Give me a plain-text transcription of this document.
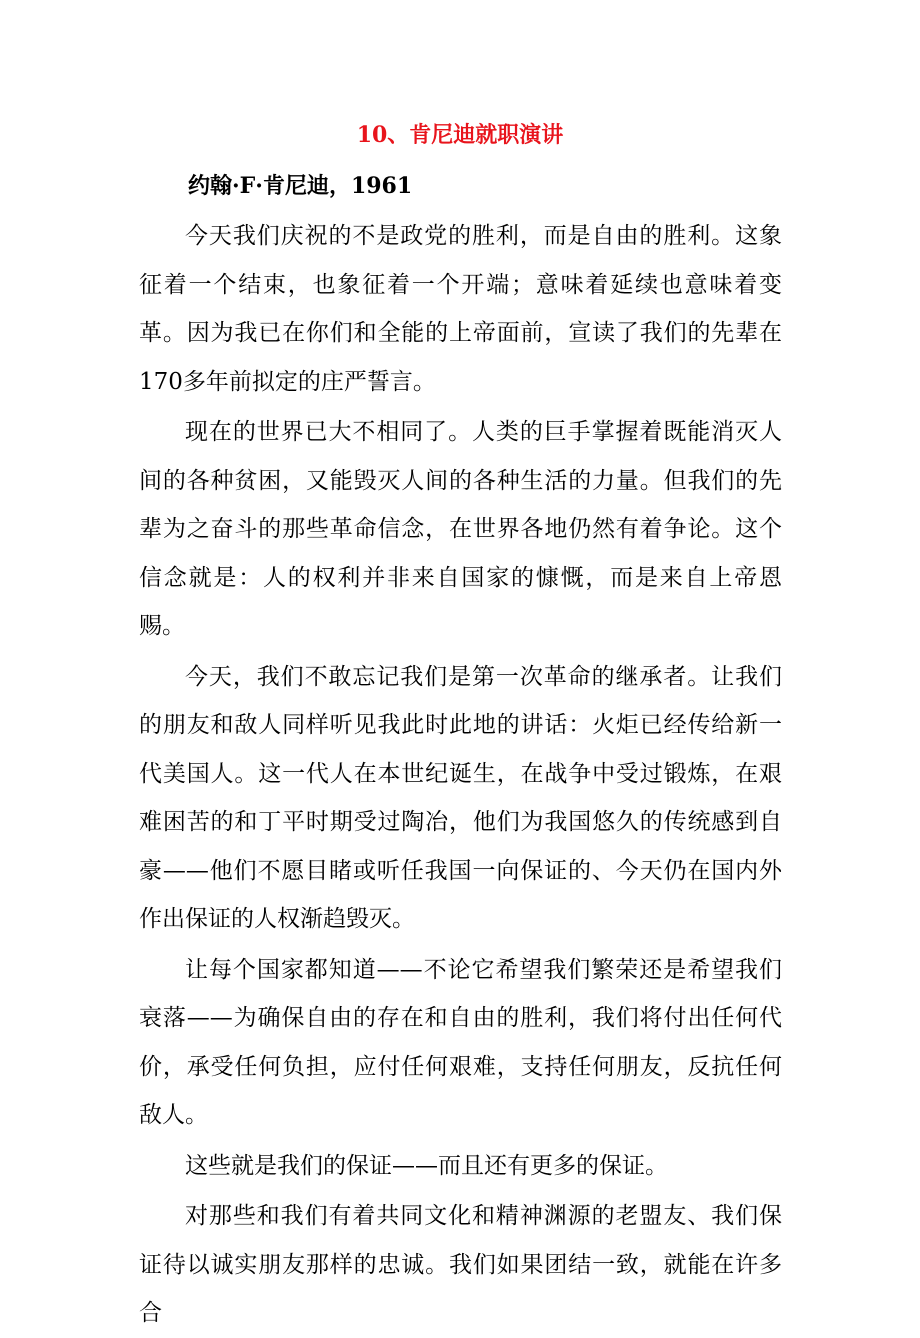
10、肯尼迪就职演讲

约翰·F·肯尼迪，1961

今天我们庆祝的不是政党的胜利，而是自由的胜利。这象征着一个结束，也象征着一个开端；意味着延续也意味着变革。因为我已在你们和全能的上帝面前，宣读了我们的先辈在170多年前拟定的庄严誓言。

现在的世界已大不相同了。人类的巨手掌握着既能消灭人间的各种贫困，又能毁灭人间的各种生活的力量。但我们的先辈为之奋斗的那些革命信念，在世界各地仍然有着争论。这个信念就是：人的权利并非来自国家的慷慨，而是来自上帝恩赐。

今天，我们不敢忘记我们是第一次革命的继承者。让我们的朋友和敌人同样听见我此时此地的讲话：火炬已经传给新一代美国人。这一代人在本世纪诞生，在战争中受过锻炼，在艰难困苦的和丁平时期受过陶冶，他们为我国悠久的传统感到自豪——他们不愿目睹或听任我国一向保证的、今天仍在国内外作出保证的人权渐趋毁灭。

让每个国家都知道——不论它希望我们繁荣还是希望我们衰落——为确保自由的存在和自由的胜利，我们将付出任何代价，承受任何负担，应付任何艰难，支持任何朋友，反抗任何敌人。

这些就是我们的保证——而且还有更多的保证。

对那些和我们有着共同文化和精神渊源的老盟友、我们保证待以诚实朋友那样的忠诚。我们如果团结一致，就能在许多合
